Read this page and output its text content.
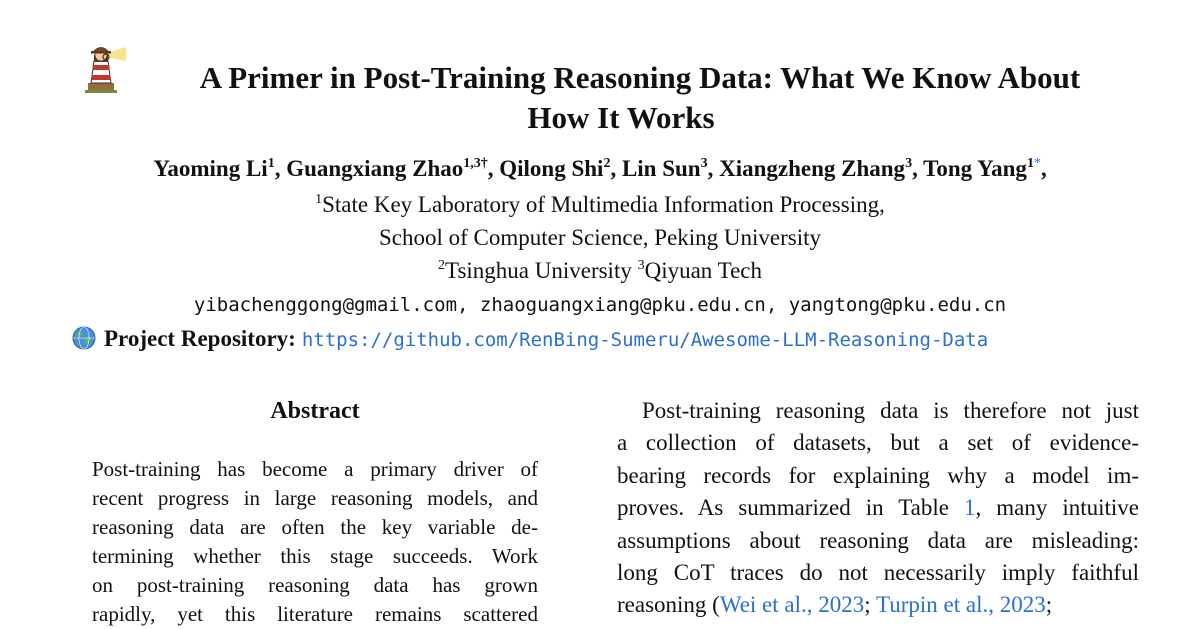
A Primer in Post-Training Reasoning Data: What We Know About
How It Works
Yaoming Li$^1$, Guangxiang Zhao$^{1,3\dagger}$, Qilong Shi$^2$, Lin Sun$^3$, Xiangzheng Zhang$^3$, Tong Yang$^{1*}$,
$^1$State Key Laboratory of Multimedia Information Processing,
School of Computer Science, Peking University
$^2$Tsinghua University $^3$Qiyuan Tech
yibachenggong@gmail.com, zhaoguangxiang@pku.edu.cn, yangtong@pku.edu.cn
Project Repository: https://github.com/RenBing-Sumeru/Awesome-LLM-Reasoning-Data
Abstract
Post-training has become a primary driver of
recent progress in large reasoning models, and
reasoning data are often the key variable de-
termining whether this stage succeeds. Work
on post-training reasoning data has grown
rapidly, yet this literature remains scattered
Post-training reasoning data is therefore not just
a collection of datasets, but a set of evidence-
bearing records for explaining why a model im-
proves. As summarized in Table 1, many intuitive
assumptions about reasoning data are misleading:
long CoT traces do not necessarily imply faithful
reasoning (Wei et al., 2023; Turpin et al., 2023;
